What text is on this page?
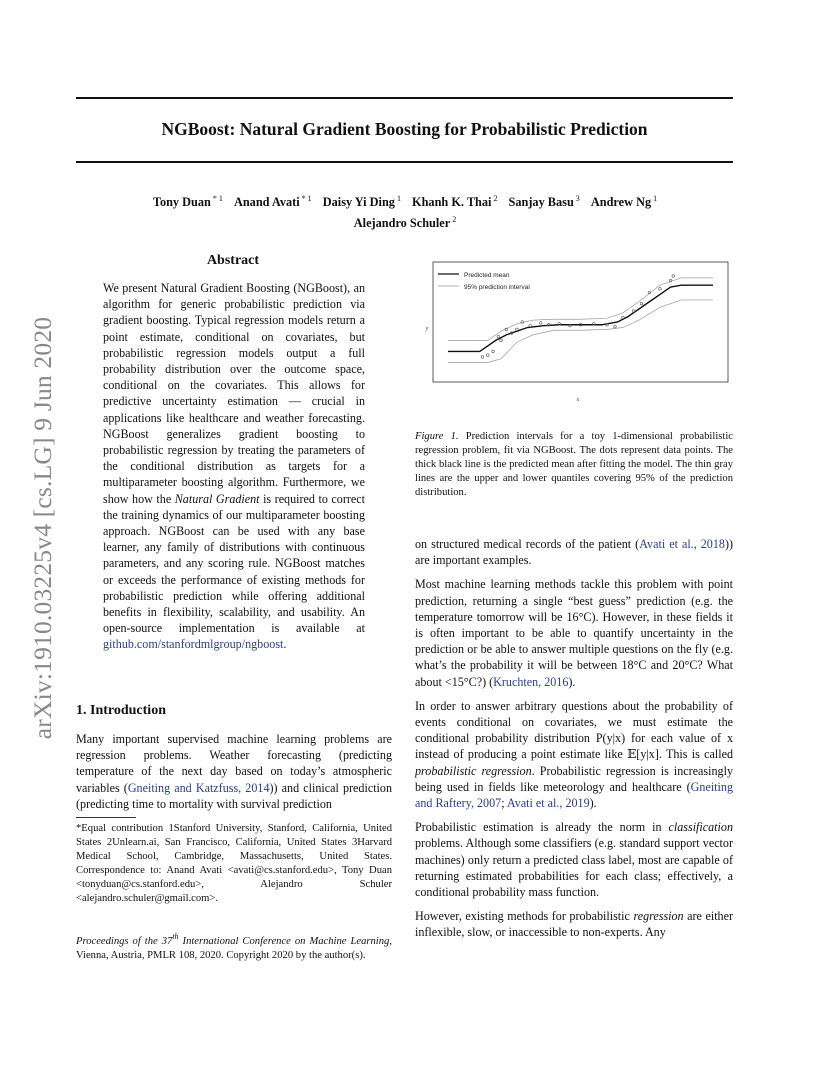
NGBoost: Natural Gradient Boosting for Probabilistic Prediction
Tony Duan $^{* 1}$ Anand Avati $^{* 1}$ Daisy Yi Ding $^1$ Khanh K. Thai $^2$ Sanjay Basu $^3$ Andrew Ng $^1$ Alejandro Schuler $^2$
arXiv:1910.03225v4 [cs.LG] 9 Jun 2020
Abstract
We present Natural Gradient Boosting (NGBoost), an algorithm for generic probabilistic prediction via gradient boosting. Typical regression models return a point estimate, conditional on covariates, but probabilistic regression models output a full probability distribution over the outcome space, conditional on the covariates. This allows for predictive uncertainty estimation — crucial in applications like healthcare and weather forecasting. NGBoost generalizes gradient boosting to probabilistic regression by treating the parameters of the conditional distribution as targets for a multiparameter boosting algorithm. Furthermore, we show how the Natural Gradient is required to correct the training dynamics of our multiparameter boosting approach. NGBoost can be used with any base learner, any family of distributions with continuous parameters, and any scoring rule. NGBoost matches or exceeds the performance of existing methods for probabilistic prediction while offering additional benefits in flexibility, scalability, and usability. An open-source implementation is available at github.com/stanfordmlgroup/ngboost.
1. Introduction
Many important supervised machine learning problems are regression problems. Weather forecasting (predicting temperature of the next day based on today’s atmospheric variables (Gneiting and Katzfuss, 2014)) and clinical prediction (predicting time to mortality with survival prediction
*Equal contribution 1Stanford University, Stanford, California, United States 2Unlearn.ai, San Francisco, California, United States 3Harvard Medical School, Cambridge, Massachusetts, United States. Correspondence to: Anand Avati <avati@cs.stanford.edu>, Tony Duan <tonyduan@cs.stanford.edu>, Alejandro Schuler <alejandro.schuler@gmail.com>.
Proceedings of the 37th International Conference on Machine Learning, Vienna, Austria, PMLR 108, 2020. Copyright 2020 by the author(s).
Predicted mean
95% prediction interval
x
y
Figure 1. Prediction intervals for a toy 1-dimensional probabilistic regression problem, fit via NGBoost. The dots represent data points. The thick black line is the predicted mean after fitting the model. The thin gray lines are the upper and lower quantiles covering 95% of the prediction distribution.

on structured medical records of the patient (Avati et al., 2018)) are important examples.

Most machine learning methods tackle this problem with point prediction, returning a single “best guess” prediction (e.g. the temperature tomorrow will be 16°C). However, in these fields it is often important to be able to quantify uncertainty in the prediction or be able to answer multiple questions on the fly (e.g. what’s the probability it will be between 18°C and 20°C? What about <15°C?) (Kruchten, 2016).

In order to answer arbitrary questions about the probability of events conditional on covariates, we must estimate the conditional probability distribution P(y|x) for each value of x instead of producing a point estimate like 𝔼[y|x]. This is called probabilistic regression. Probabilistic regression is increasingly being used in fields like meteorology and healthcare (Gneiting and Raftery, 2007; Avati et al., 2019).

Probabilistic estimation is already the norm in classification problems. Although some classifiers (e.g. standard support vector machines) only return a predicted class label, most are capable of returning estimated probabilities for each class; effectively, a conditional probability mass function.

However, existing methods for probabilistic regression are either inflexible, slow, or inaccessible to non-experts. Any
